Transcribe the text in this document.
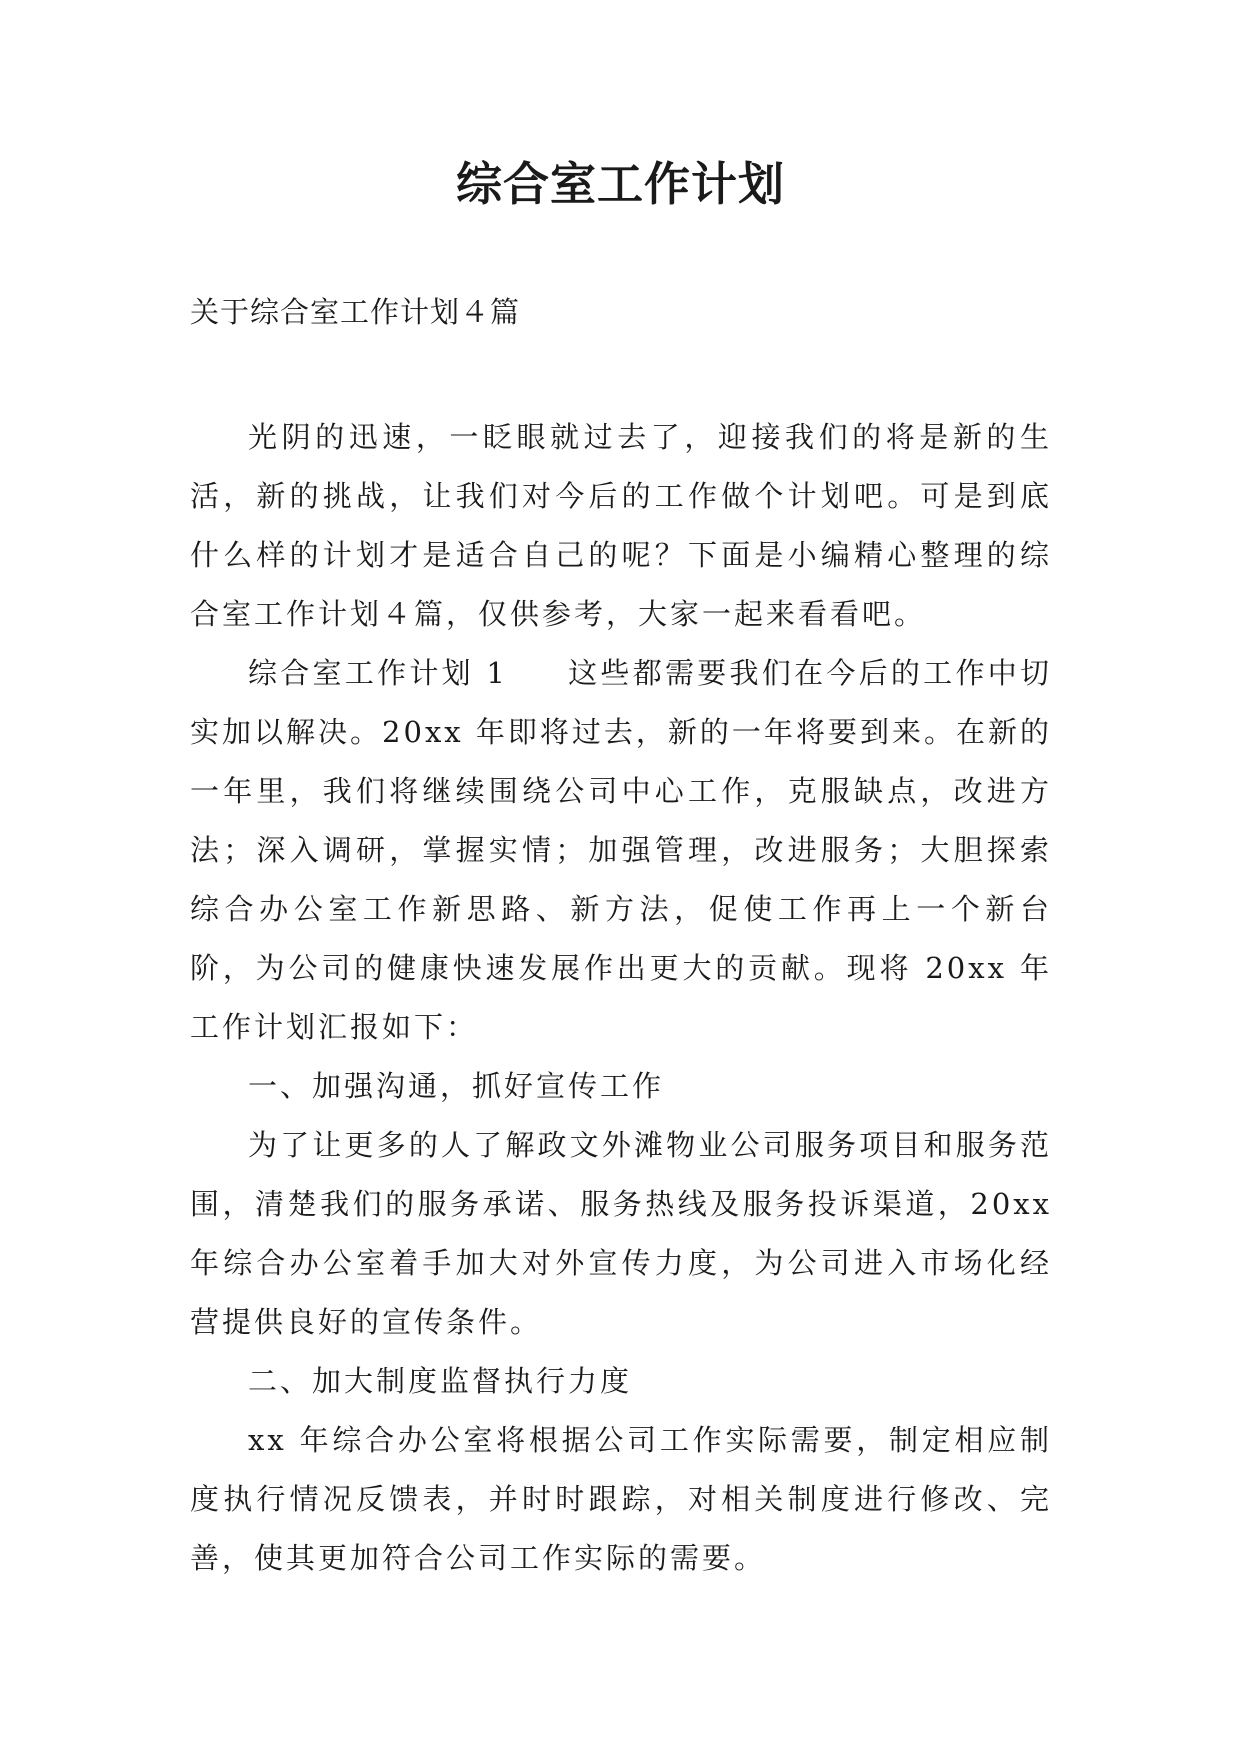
综合室工作计划

关于综合室工作计划４篇

光阴的迅速，一眨眼就过去了，迎接我们的将是新的生活，新的挑战，让我们对今后的工作做个计划吧。可是到底什么样的计划才是适合自己的呢？下面是小编精心整理的综合室工作计划４篇，仅供参考，大家一起来看看吧。

综合室工作计划 1 这些都需要我们在今后的工作中切实加以解决。20xx 年即将过去，新的一年将要到来。在新的一年里，我们将继续围绕公司中心工作，克服缺点，改进方法；深入调研，掌握实情；加强管理，改进服务；大胆探索综合办公室工作新思路、新方法，促使工作再上一个新台阶，为公司的健康快速发展作出更大的贡献。现将 20xx 年工作计划汇报如下：

一、加强沟通，抓好宣传工作

为了让更多的人了解政文外滩物业公司服务项目和服务范围，清楚我们的服务承诺、服务热线及服务投诉渠道，20xx 年综合办公室着手加大对外宣传力度，为公司进入市场化经营提供良好的宣传条件。

二、加大制度监督执行力度

xx 年综合办公室将根据公司工作实际需要，制定相应制度执行情况反馈表，并时时跟踪，对相关制度进行修改、完善，使其更加符合公司工作实际的需要。
